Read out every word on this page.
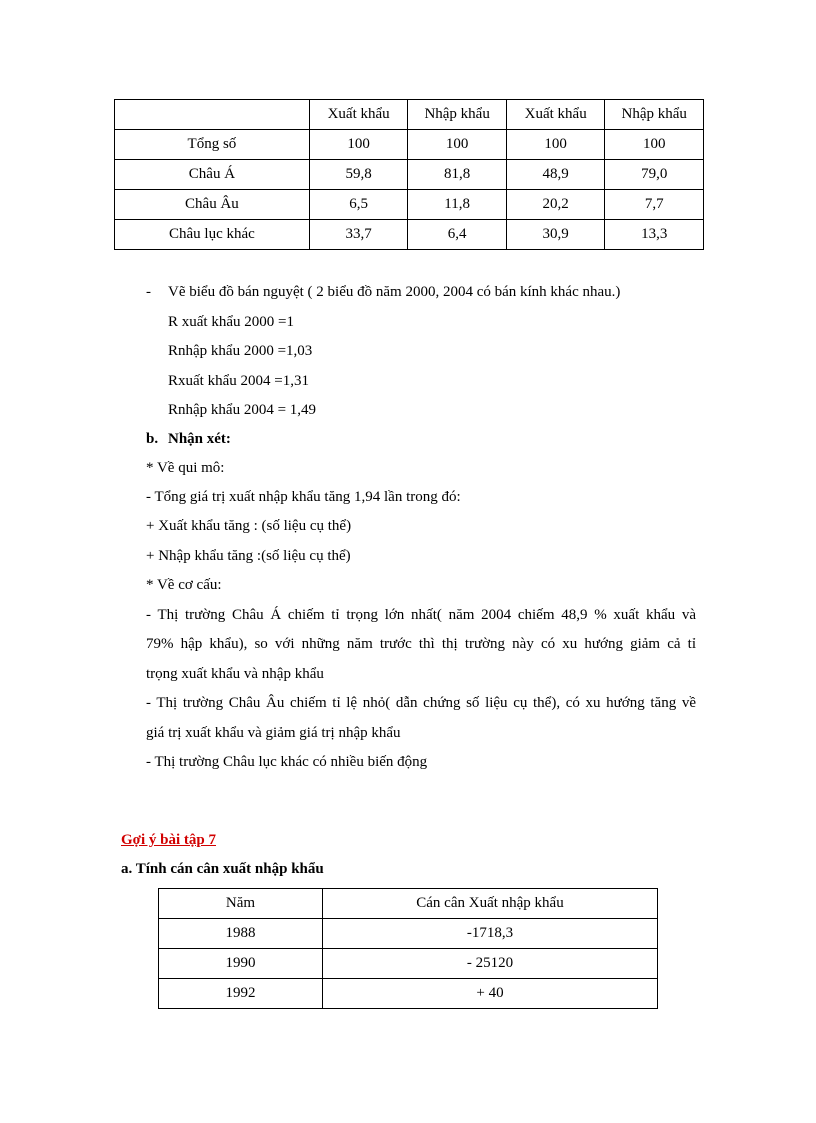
	Xuất khẩu	Nhập khẩu	Xuất khẩu	Nhập khẩu
Tổng số	100	100	100	100
Châu Á	59,8	81,8	48,9	79,0
Châu Âu	6,5	11,8	20,2	7,7
Châu lục khác	33,7	6,4	30,9	13,3
- Vẽ biểu đồ bán nguyệt ( 2 biểu đồ năm 2000, 2004 có bán kính khác nhau.)
R xuất khẩu 2000 =1
Rnhập khẩu 2000 =1,03
Rxuất khẩu 2004 =1,31
Rnhập khẩu 2004 = 1,49
b. Nhận xét:
* Về qui mô:
- Tổng giá trị xuất nhập khẩu tăng 1,94 lần trong đó:
+ Xuất khẩu tăng : (số liệu cụ thể)
+ Nhập khẩu tăng :(số liệu cụ thể)
* Về cơ cấu:
- Thị trường Châu Á chiếm tỉ trọng lớn nhất( năm 2004 chiếm 48,9 % xuất khẩu và
79% hập khẩu), so với những năm trước thì thị trường này có xu hướng giảm cả tỉ
trọng xuất khẩu và nhập khẩu
- Thị trường Châu Âu chiếm tỉ lệ nhỏ( dẫn chứng số liệu cụ thể), có xu hướng tăng về
giá trị xuất khẩu và giảm giá trị nhập khẩu
- Thị trường Châu lục khác có nhiều biến động
Gợi ý bài tập 7
a. Tính cán cân xuất nhập khẩu
Năm	Cán cân Xuất nhập khẩu
1988	-1718,3
1990	- 25120
1992	+ 40
